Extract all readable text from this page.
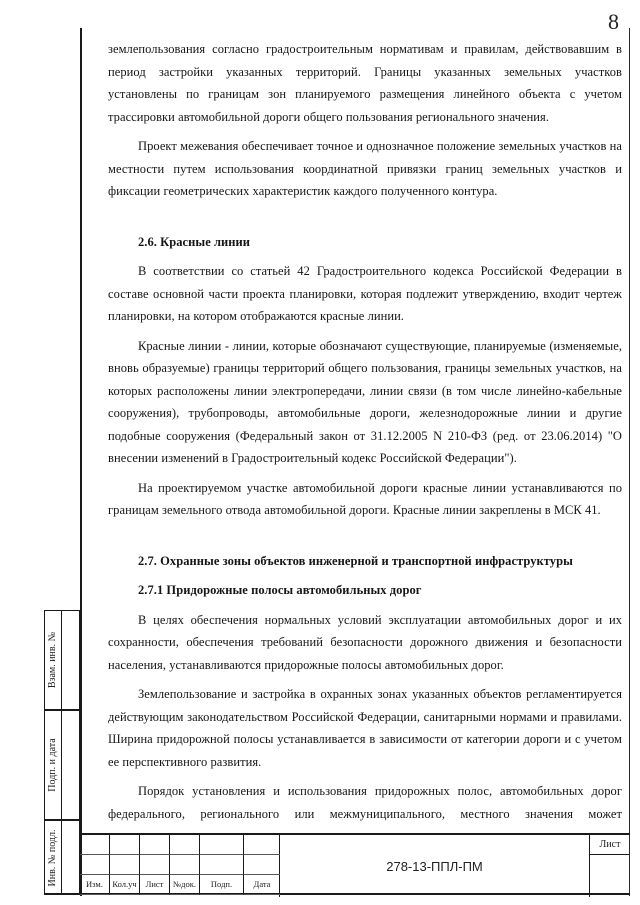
8

землепользования согласно градостроительным нормативам и правилам, действовавшим в период застройки указанных территорий. Границы указанных земельных участков установлены по границам зон планируемого размещения линейного объекта с учетом трассировки автомобильной дороги общего пользования регионального значения.

Проект межевания обеспечивает точное и однозначное положение земельных участков на местности путем использования координатной привязки границ земельных участков и фиксации геометрических характеристик каждого полученного контура.

2.6. Красные линии

В соответствии со статьей 42 Градостроительного кодекса Российской Федерации в составе основной части проекта планировки, которая подлежит утверждению, входит чертеж планировки, на котором отображаются красные линии.

Красные линии - линии, которые обозначают существующие, планируемые (изменяемые, вновь образуемые) границы территорий общего пользования, границы земельных участков, на которых расположены линии электропередачи, линии связи (в том числе линейно-кабельные сооружения), трубопроводы, автомобильные дороги, железнодорожные линии и другие подобные сооружения (Федеральный закон от 31.12.2005 N 210-ФЗ (ред. от 23.06.2014) "О внесении изменений в Градостроительный кодекс Российской Федерации").

На проектируемом участке автомобильной дороги красные линии устанавливаются по границам земельного отвода автомобильной дороги. Красные линии закреплены в МСК 41.

2.7. Охранные зоны объектов инженерной и транспортной инфраструктуры

2.7.1 Придорожные полосы автомобильных дорог

В целях обеспечения нормальных условий эксплуатации автомобильных дорог и их сохранности, обеспечения требований безопасности дорожного движения и безопасности населения, устанавливаются придорожные полосы автомобильных дорог.

Землепользование и застройка в охранных зонах указанных объектов регламентируется действующим законодательством Российской Федерации, санитарными нормами и правилами. Ширина придорожной полосы устанавливается в зависимости от категории дороги и с учетом ее перспективного развития.

Порядок установления и использования придорожных полос, автомобильных дорог федерального, регионального или межмуниципального, местного значения может

Взам. инв. №
Подп. и дата
Инв. № подл.	Изм.	Кол.уч	Лист	№док.	Подп.	Дата
278-13-ППЛ-ПМ
Лист
